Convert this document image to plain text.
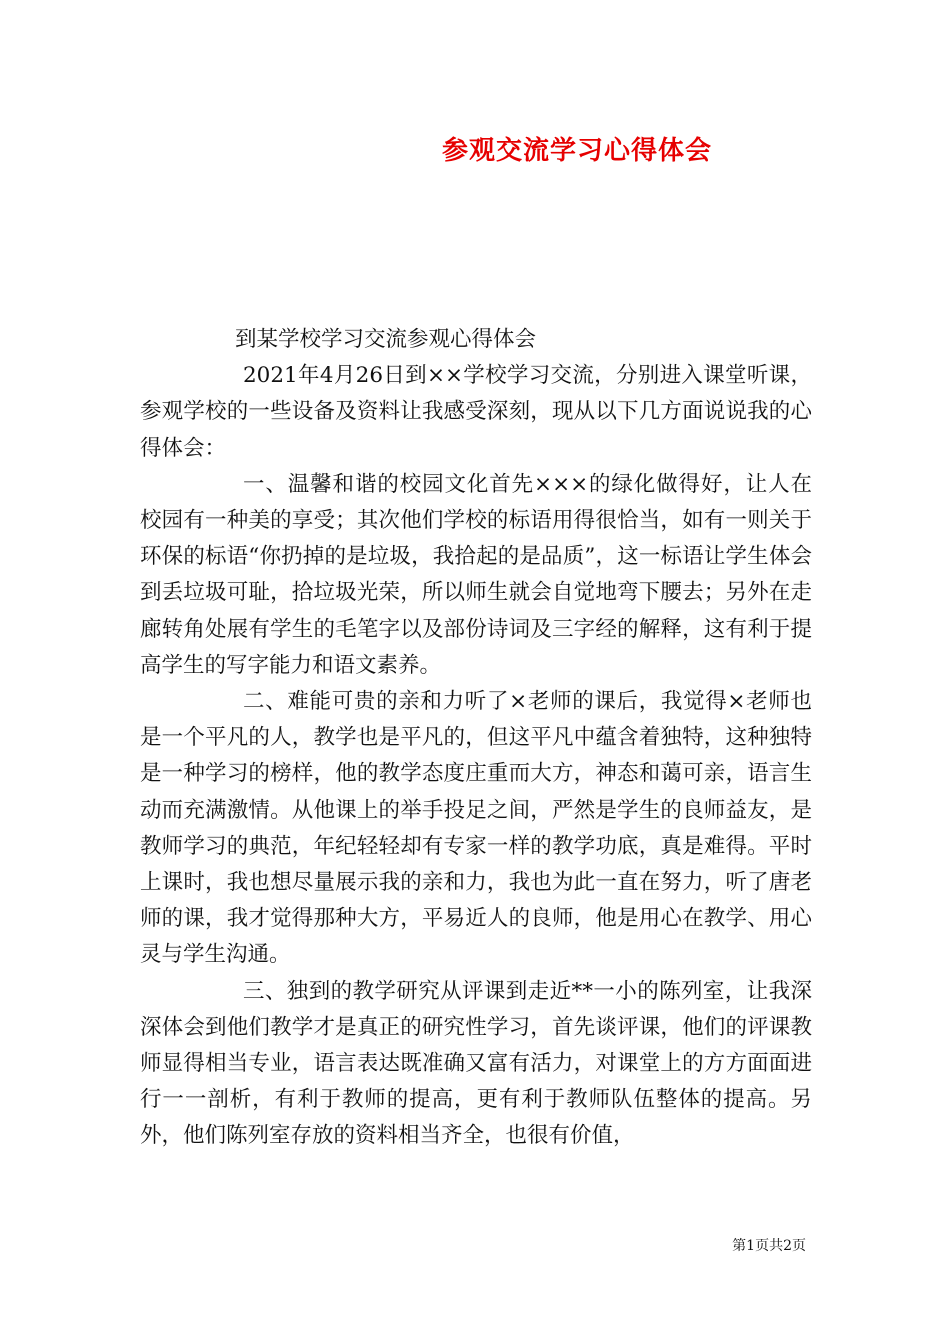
参观交流学习心得体会

到某学校学习交流参观心得体会

2021年4月26日到××学校学习交流，分别进入课堂听课，参观学校的一些设备及资料让我感受深刻，现从以下几方面说说我的心得体会：

一、温馨和谐的校园文化首先×××的绿化做得好，让人在校园有一种美的享受；其次他们学校的标语用得很恰当，如有一则关于环保的标语“你扔掉的是垃圾，我拾起的是品质”，这一标语让学生体会到丢垃圾可耻，拾垃圾光荣，所以师生就会自觉地弯下腰去；另外在走廊转角处展有学生的毛笔字以及部份诗词及三字经的解释，这有利于提高学生的写字能力和语文素养。

二、难能可贵的亲和力听了×老师的课后，我觉得×老师也是一个平凡的人，教学也是平凡的，但这平凡中蕴含着独特，这种独特是一种学习的榜样，他的教学态度庄重而大方，神态和蔼可亲，语言生动而充满激情。从他课上的举手投足之间，严然是学生的良师益友，是教师学习的典范，年纪轻轻却有专家一样的教学功底，真是难得。平时上课时，我也想尽量展示我的亲和力，我也为此一直在努力，听了唐老师的课，我才觉得那种大方，平易近人的良师，他是用心在教学、用心灵与学生沟通。

三、独到的教学研究从评课到走近**一小的陈列室，让我深深体会到他们教学才是真正的研究性学习，首先谈评课，他们的评课教师显得相当专业，语言表达既准确又富有活力，对课堂上的方方面面进行一一剖析，有利于教师的提高，更有利于教师队伍整体的提高。另外，他们陈列室存放的资料相当齐全，也很有价值，

第1页共2页
